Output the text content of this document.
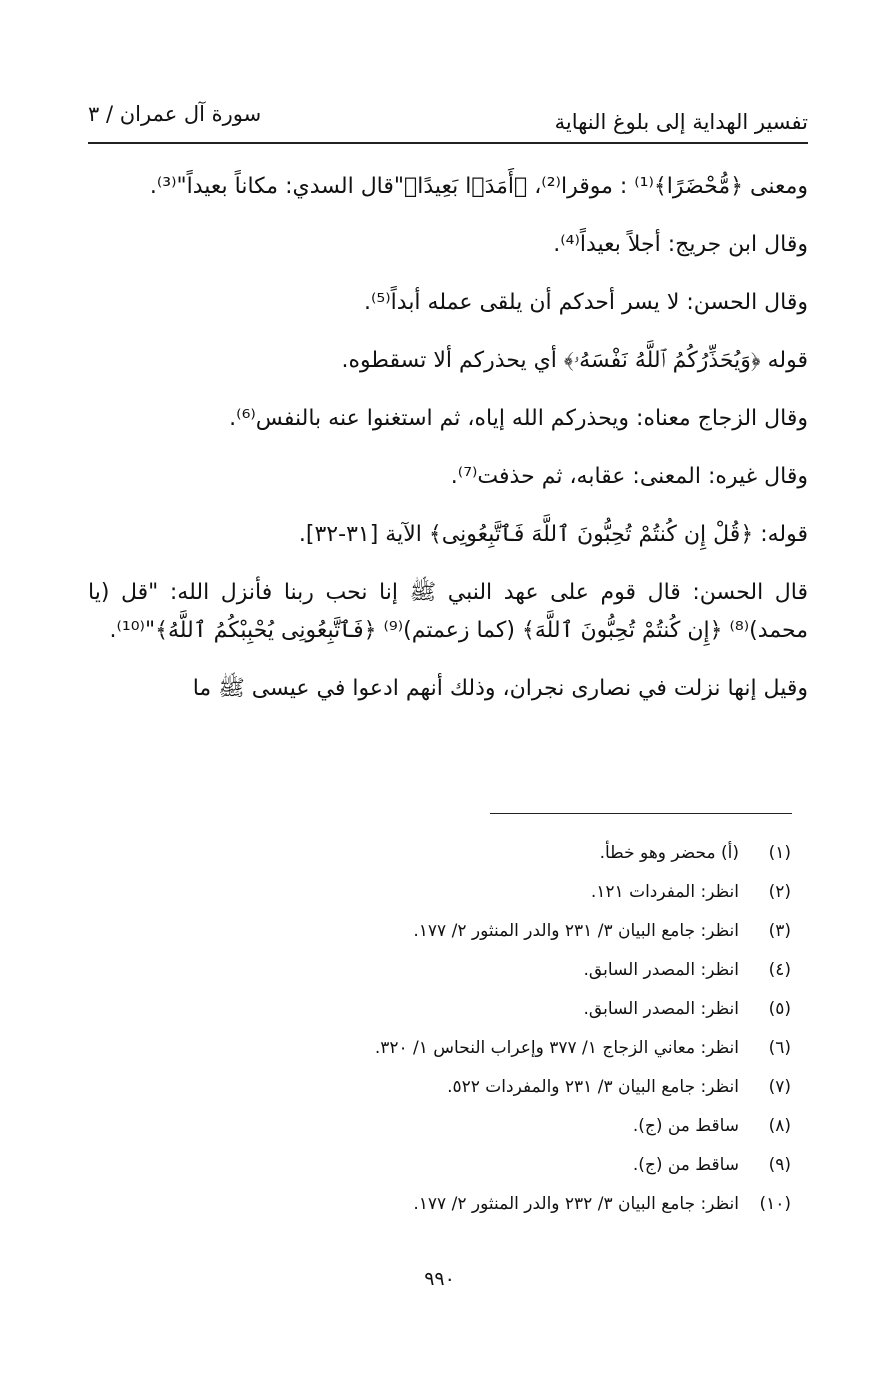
تفسير الهداية إلى بلوغ النهاية
سورة آل عمران / ٣

ومعنى ﴿مُّحْضَرًا﴾⁽¹⁾ : موقرا⁽²⁾، ﴿أَمَدَۢا بَعِيدًا﴾"قال السدي: مكاناً بعيداً"⁽³⁾.

وقال ابن جريج: أجلاً بعيداً⁽⁴⁾.

وقال الحسن: لا يسر أحدكم أن يلقى عمله أبداً⁽⁵⁾.

قوله ﴿وَيُحَذِّرُكُمُ ٱللَّهُ نَفْسَهُۥ﴾ أي يحذركم ألا تسقطوه.

وقال الزجاج معناه: ويحذركم الله إياه، ثم استغنوا عنه بالنفس⁽⁶⁾.

وقال غيره: المعنى: عقابه، ثم حذفت⁽⁷⁾.

قوله: ﴿قُلْ إِن كُنتُمْ تُحِبُّونَ ٱللَّهَ فَٱتَّبِعُونِى﴾ الآية [٣١-٣٢].

قال الحسن: قال قوم على عهد النبي ﷺ إنا نحب ربنا فأنزل الله: "قل (يا محمد)⁽⁸⁾ ﴿إِن كُنتُمْ تُحِبُّونَ ٱللَّهَ﴾ (كما زعمتم)⁽⁹⁾ ﴿فَٱتَّبِعُونِى يُحْبِبْكُمُ ٱللَّهُ﴾"⁽¹⁰⁾.

وقيل إنها نزلت في نصارى نجران، وذلك أنهم ادعوا في عيسى ﷺ ما

(١)(أ) محضر وهو خطأ.
(٢)انظر: المفردات ١٢١.
(٣)انظر: جامع البيان ٣/ ٢٣١ والدر المنثور ٢/ ١٧٧.
(٤)انظر: المصدر السابق.
(٥)انظر: المصدر السابق.
(٦)انظر: معاني الزجاج ١/ ٣٧٧ وإعراب النحاس ١/ ٣٢٠.
(٧)انظر: جامع البيان ٣/ ٢٣١ والمفردات ٥٢٢.
(٨)ساقط من (ج).
(٩)ساقط من (ج).
(١٠)انظر: جامع البيان ٣/ ٢٣٢ والدر المنثور ٢/ ١٧٧.
٩٩٠
